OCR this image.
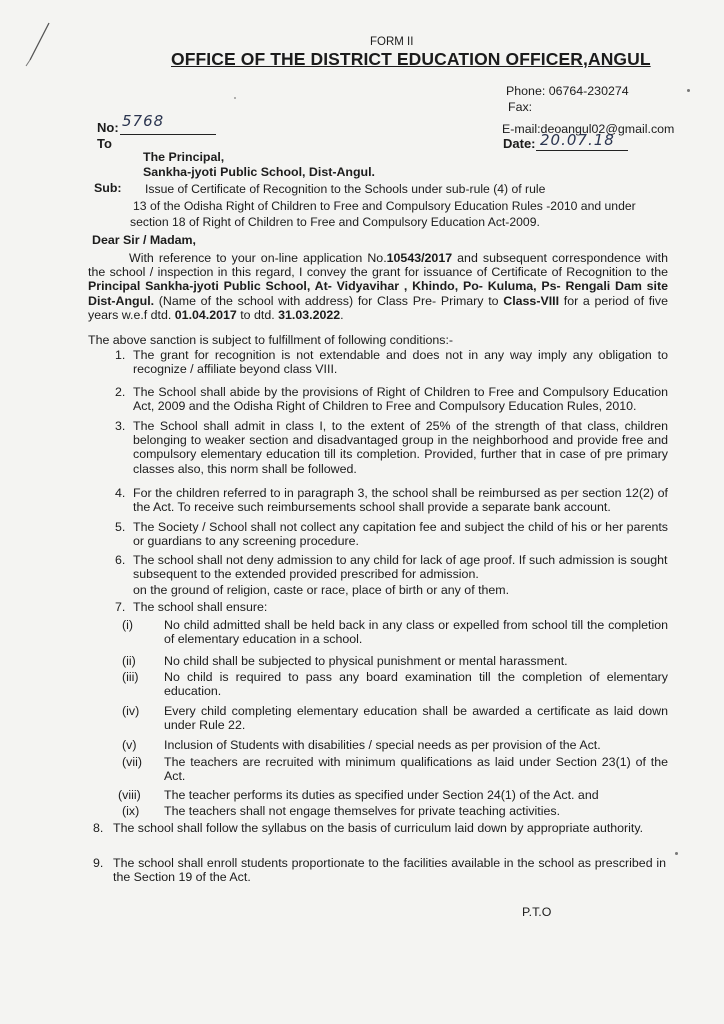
FORM II
OFFICE OF THE DISTRICT EDUCATION OFFICER,ANGUL
Phone: 06764-230274
Fax:
E-mail:deoangul02@gmail.com
No: 5768
To	Date: 20.07.18
The Principal,
Sankha-jyoti Public School, Dist-Angul.
Sub: Issue of Certificate of Recognition to the Schools under sub-rule (4) of rule
13 of the Odisha Right of Children to Free and Compulsory Education Rules -2010 and under
section 18 of Right of Children to Free and Compulsory Education Act-2009.
Dear Sir / Madam,
With reference to your on-line application No.10543/2017 and subsequent correspondence with the school / inspection in this regard, I convey the grant for issuance of Certificate of Recognition to the Principal Sankha-jyoti Public School, At- Vidyavihar , Khindo, Po- Kuluma, Ps- Rengali Dam site Dist-Angul. (Name of the school with address) for Class Pre- Primary to Class-VIII for a period of five years w.e.f dtd. 01.04.2017 to dtd. 31.03.2022.
The above sanction is subject to fulfillment of following conditions:-
1. The grant for recognition is not extendable and does not in any way imply any obligation to recognize / affiliate beyond class VIII.
2. The School shall abide by the provisions of Right of Children to Free and Compulsory Education Act, 2009 and the Odisha Right of Children to Free and Compulsory Education Rules, 2010.
3. The School shall admit in class I, to the extent of 25% of the strength of that class, children belonging to weaker section and disadvantaged group in the neighborhood and provide free and compulsory elementary education till its completion. Provided, further that in case of pre primary classes also, this norm shall be followed.
4. For the children referred to in paragraph 3, the school shall be reimbursed as per section 12(2) of the Act. To receive such reimbursements school shall provide a separate bank account.
5. The Society / School shall not collect any capitation fee and subject the child of his or her parents or guardians to any screening procedure.
6. The school shall not deny admission to any child for lack of age proof. If such admission is sought subsequent to the extended provided prescribed for admission.
on the ground of religion, caste or race, place of birth or any of them.
7. The school shall ensure:
(i) No child admitted shall be held back in any class or expelled from school till the completion of elementary education in a school.
(ii) No child shall be subjected to physical punishment or mental harassment.
(iii) No child is required to pass any board examination till the completion of elementary education.
(iv) Every child completing elementary education shall be awarded a certificate as laid down under Rule 22.
(v) Inclusion of Students with disabilities / special needs as per provision of the Act.
(vii) The teachers are recruited with minimum qualifications as laid under Section 23(1) of the Act.
(viii) The teacher performs its duties as specified under Section 24(1) of the Act. and
(ix) The teachers shall not engage themselves for private teaching activities.
8. The school shall follow the syllabus on the basis of curriculum laid down by appropriate authority.
9. The school shall enroll students proportionate to the facilities available in the school as prescribed in the Section 19 of the Act.
P.T.O
